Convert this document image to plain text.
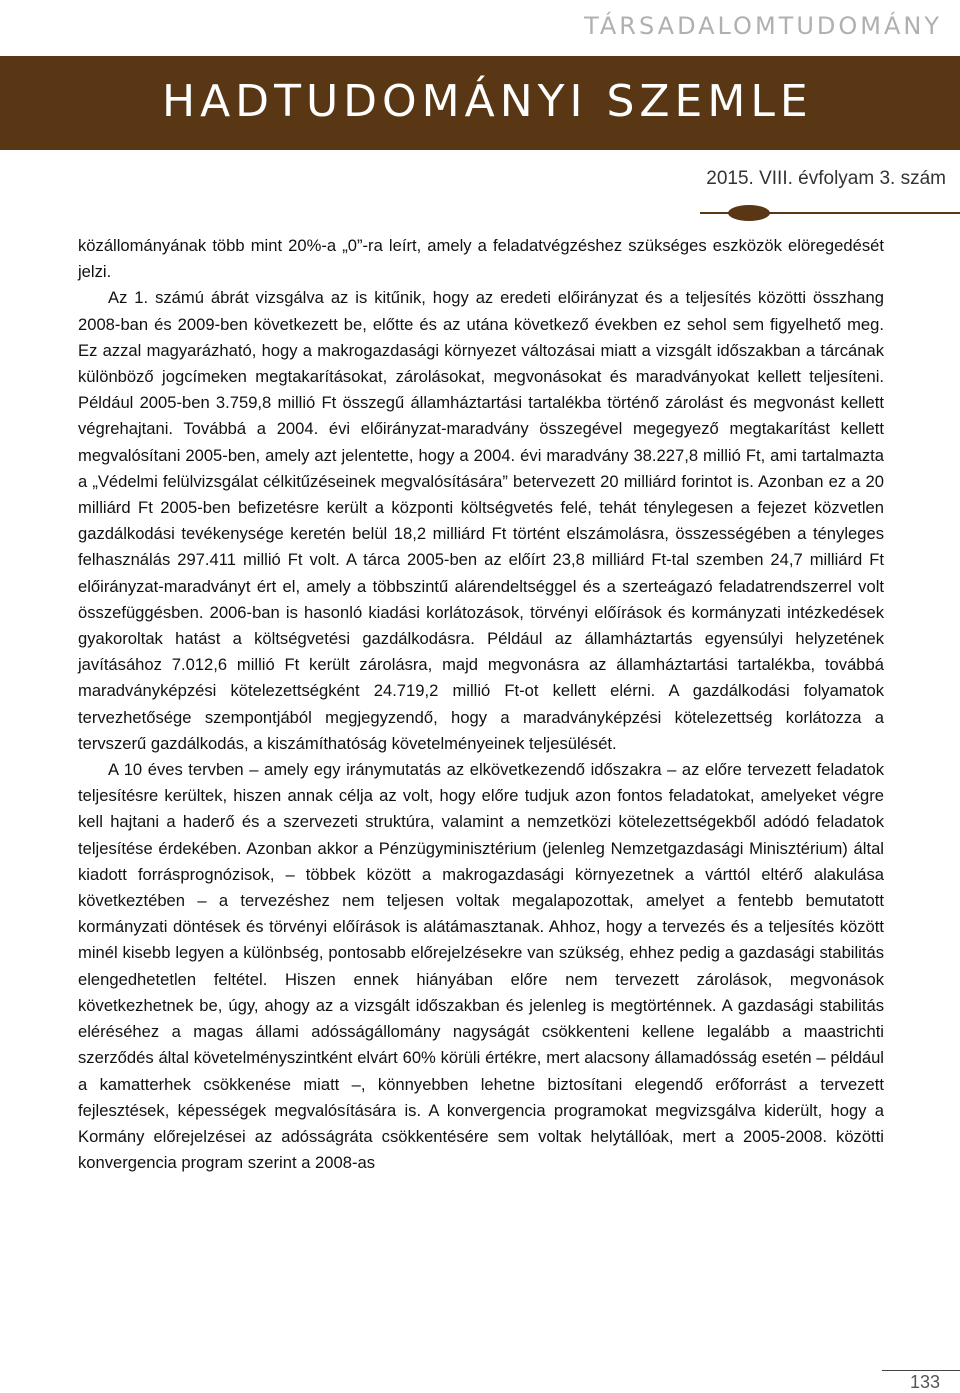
TÁRSADALOMTUDOMÁNY
HADTUDOMÁNYI SZEMLE
2015. VIII. évfolyam 3. szám

közállományának több mint 20%-a „0”-ra leírt, amely a feladatvégzéshez szükséges eszközök elöregedését jelzi.

Az 1. számú ábrát vizsgálva az is kitűnik, hogy az eredeti előirányzat és a teljesítés közötti összhang 2008-ban és 2009-ben következett be, előtte és az utána következő években ez sehol sem figyelhető meg. Ez azzal magyarázható, hogy a makrogazdasági környezet változásai miatt a vizsgált időszakban a tárcának különböző jogcímeken megtakarításokat, zárolásokat, megvonásokat és maradványokat kellett teljesíteni. Például 2005-ben 3.759,8 millió Ft összegű államháztartási tartalékba történő zárolást és megvonást kellett végrehajtani. Továbbá a 2004. évi előirányzat-maradvány összegével megegyező megtakarítást kellett megvalósítani 2005-ben, amely azt jelentette, hogy a 2004. évi maradvány 38.227,8 millió Ft, ami tartalmazta a „Védelmi felülvizsgálat célkitűzéseinek megvalósítására” betervezett 20 milliárd forintot is. Azonban ez a 20 milliárd Ft 2005-ben befizetésre került a központi költségvetés felé, tehát ténylegesen a fejezet közvetlen gazdálkodási tevékenysége keretén belül 18,2 milliárd Ft történt elszámolásra, összességében a tényleges felhasználás 297.411 millió Ft volt. A tárca 2005-ben az előírt 23,8 milliárd Ft-tal szemben 24,7 milliárd Ft előirányzat-maradványt ért el, amely a többszintű alárendeltséggel és a szerteágazó feladatrendszerrel volt összefüggésben. 2006-ban is hasonló kiadási korlátozások, törvényi előírások és kormányzati intézkedések gyakoroltak hatást a költségvetési gazdálkodásra. Például az államháztartás egyensúlyi helyzetének javításához 7.012,6 millió Ft került zárolásra, majd megvonásra az államháztartási tartalékba, továbbá maradványképzési kötelezettségként 24.719,2 millió Ft-ot kellett elérni. A gazdálkodási folyamatok tervezhetősége szempontjából megjegyzendő, hogy a maradványképzési kötelezettség korlátozza a tervszerű gazdálkodás, a kiszámíthatóság követelményeinek teljesülését.

A 10 éves tervben – amely egy iránymutatás az elkövetkezendő időszakra – az előre tervezett feladatok teljesítésre kerültek, hiszen annak célja az volt, hogy előre tudjuk azon fontos feladatokat, amelyeket végre kell hajtani a haderő és a szervezeti struktúra, valamint a nemzetközi kötelezettségekből adódó feladatok teljesítése érdekében. Azonban akkor a Pénzügyminisztérium (jelenleg Nemzetgazdasági Minisztérium) által kiadott forrásprognózisok, – többek között a makrogazdasági környezetnek a várttól eltérő alakulása következtében – a tervezéshez nem teljesen voltak megalapozottak, amelyet a fentebb bemutatott kormányzati döntések és törvényi előírások is alátámasztanak. Ahhoz, hogy a tervezés és a teljesítés között minél kisebb legyen a különbség, pontosabb előrejelzésekre van szükség, ehhez pedig a gazdasági stabilitás elengedhetetlen feltétel. Hiszen ennek hiányában előre nem tervezett zárolások, megvonások következhetnek be, úgy, ahogy az a vizsgált időszakban és jelenleg is megtörténnek. A gazdasági stabilitás eléréséhez a magas állami adósságállomány nagyságát csökkenteni kellene legalább a maastrichti szerződés által követelményszintként elvárt 60% körüli értékre, mert alacsony államadósság esetén – például a kamatterhek csökkenése miatt –, könnyebben lehetne biztosítani elegendő erőforrást a tervezett fejlesztések, képességek megvalósítására is. A konvergencia programokat megvizsgálva kiderült, hogy a Kormány előrejelzései az adósságráta csökkentésére sem voltak helytállóak, mert a 2005-2008. közötti konvergencia program szerint a 2008-as

133
